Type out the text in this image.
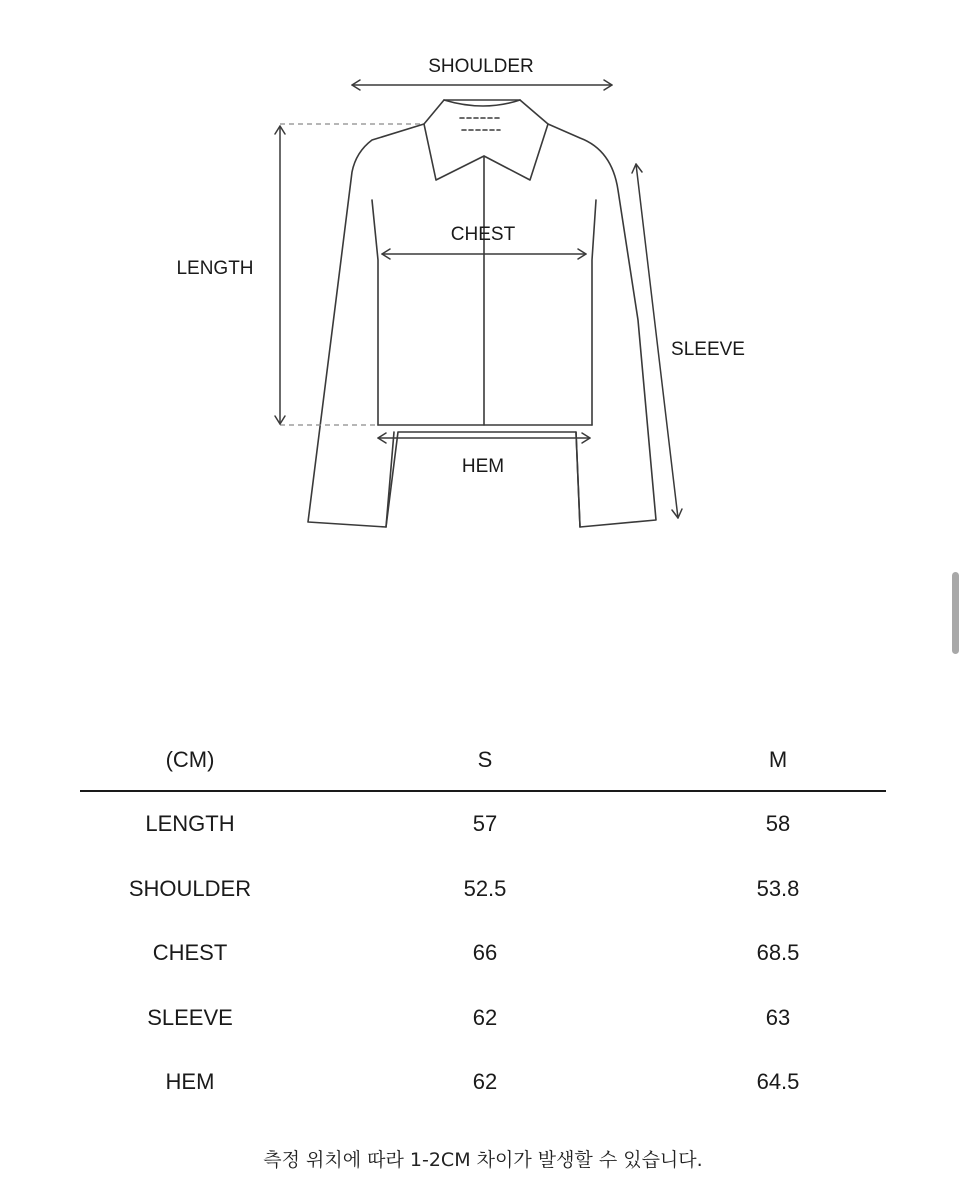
SHOULDER
LENGTH
CHEST
SLEEVE
HEM
(CM)	S	M
LENGTH	57	58
SHOULDER	52.5	53.8
CHEST	66	68.5
SLEEVE	62	63
HEM	62	64.5
측정 위치에 따라 1-2CM 차이가 발생할 수 있습니다.
